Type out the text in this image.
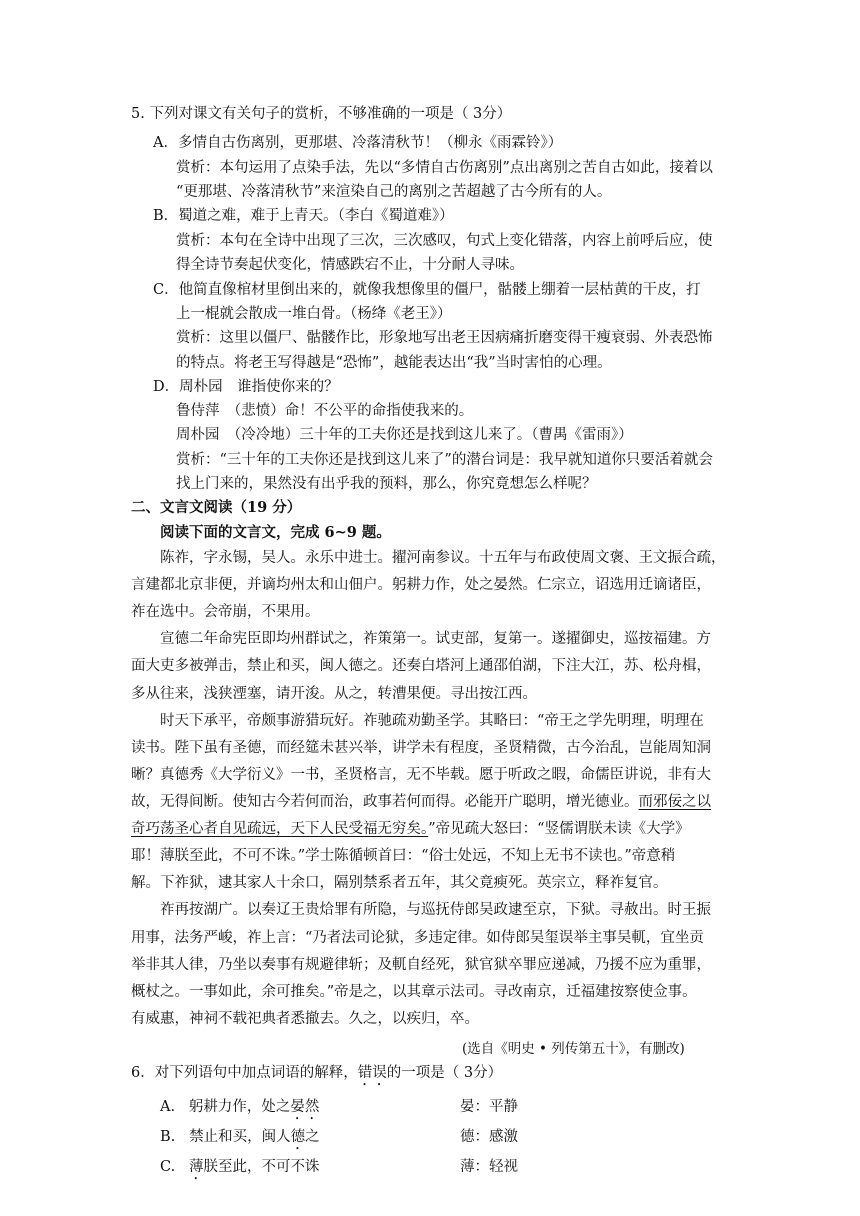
5. 下列对课文有关句子的赏析，不够准确的一项是（ 3分）
A．多情自古伤离别，更那堪、冷落清秋节！（柳永《雨霖铃》）
赏析：本句运用了点染手法，先以“多情自古伤离别”点出离别之苦自古如此，接着以
“更那堪、冷落清秋节”来渲染自己的离别之苦超越了古今所有的人。
B．蜀道之难，难于上青天。（李白《蜀道难》）
赏析：本句在全诗中出现了三次，三次感叹，句式上变化错落，内容上前呼后应，使
得全诗节奏起伏变化，情感跌宕不止，十分耐人寻味。
C．他简直像棺材里倒出来的，就像我想像里的僵尸，骷髅上绷着一层枯黄的干皮，打
上一棍就会散成一堆白骨。（杨绛《老王》）
赏析：这里以僵尸、骷髅作比，形象地写出老王因病痛折磨变得干瘦衰弱、外表恐怖
的特点。将老王写得越是“恐怖”，越能表达出“我”当时害怕的心理。
D．周朴园　谁指使你来的？
鲁侍萍　（悲愤）命！不公平的命指使我来的。
周朴园　（冷冷地）三十年的工夫你还是找到这儿来了。（曹禺《雷雨》）
赏析：“三十年的工夫你还是找到这儿来了”的潜台词是：我早就知道你只要活着就会
找上门来的，果然没有出乎我的预料，那么，你究竟想怎么样呢？
二、文言文阅读（19 分）
阅读下面的文言文，完成 6~9 题。
陈祚，字永锡，吴人。永乐中进士。擢河南参议。十五年与布政使周文褒、王文振合疏，
言建都北京非便，并谪均州太和山佃户。躬耕力作，处之晏然。仁宗立，诏选用迁谪诸臣，
祚在选中。会帝崩，不果用。
宣德二年命宪臣即均州群试之，祚策第一。试吏部，复第一。遂擢御史，巡按福建。方
面大吏多被弹击，禁止和买，闽人德之。还奏白塔河上通邵伯湖，下注大江，苏、松舟楫，
多从往来，浅狭湮塞，请开浚。从之，转漕果便。寻出按江西。
时天下承平，帝颇事游猎玩好。祚驰疏劝勤圣学。其略曰：“帝王之学先明理，明理在
读书。陛下虽有圣德，而经筵未甚兴举，讲学未有程度，圣贤精微，古今治乱，岂能周知洞
晰？真德秀《大学衍义》一书，圣贤格言，无不毕载。愿于听政之暇，命儒臣讲说，非有大
故，无得间断。使知古今若何而治，政事若何而得。必能开广聪明，增光德业。而邪佞之以
奇巧荡圣心者自见疏远，天下人民受福无穷矣。”帝见疏大怒曰：“竖儒谓朕未读《大学》
耶！薄朕至此，不可不诛。”学士陈循顿首曰：“俗士处远，不知上无书不读也。”帝意稍
解。下祚狱，逮其家人十余口，隔别禁系者五年，其父竟瘐死。英宗立，释祚复官。
祚再按湖广。以奏辽王贵烚罪有所隐，与巡抚侍郎吴政逮至京，下狱。寻赦出。时王振
用事，法务严峻，祚上言：“乃者法司论狱，多违定律。如侍郎吴玺误举主事吴軏，宜坐贡
举非其人律，乃坐以奏事有规避律斩；及軏自经死，狱官狱卒罪应递减，乃援不应为重罪，
概杖之。一事如此，余可推矣。”帝是之，以其章示法司。寻改南京，迁福建按察使佥事。
有威惠，神祠不载祀典者悉撤去。久之，以疾归，卒。
(选自《明史 • 列传第五十》，有删改)
6．对下列语句中加点词语的解释，错误的一项是（ 3分）
A. 躬耕力作，处之晏然	晏：平静
B. 禁止和买，闽人德之	德：感激
C. 薄朕至此，不可不诛	薄：轻视
